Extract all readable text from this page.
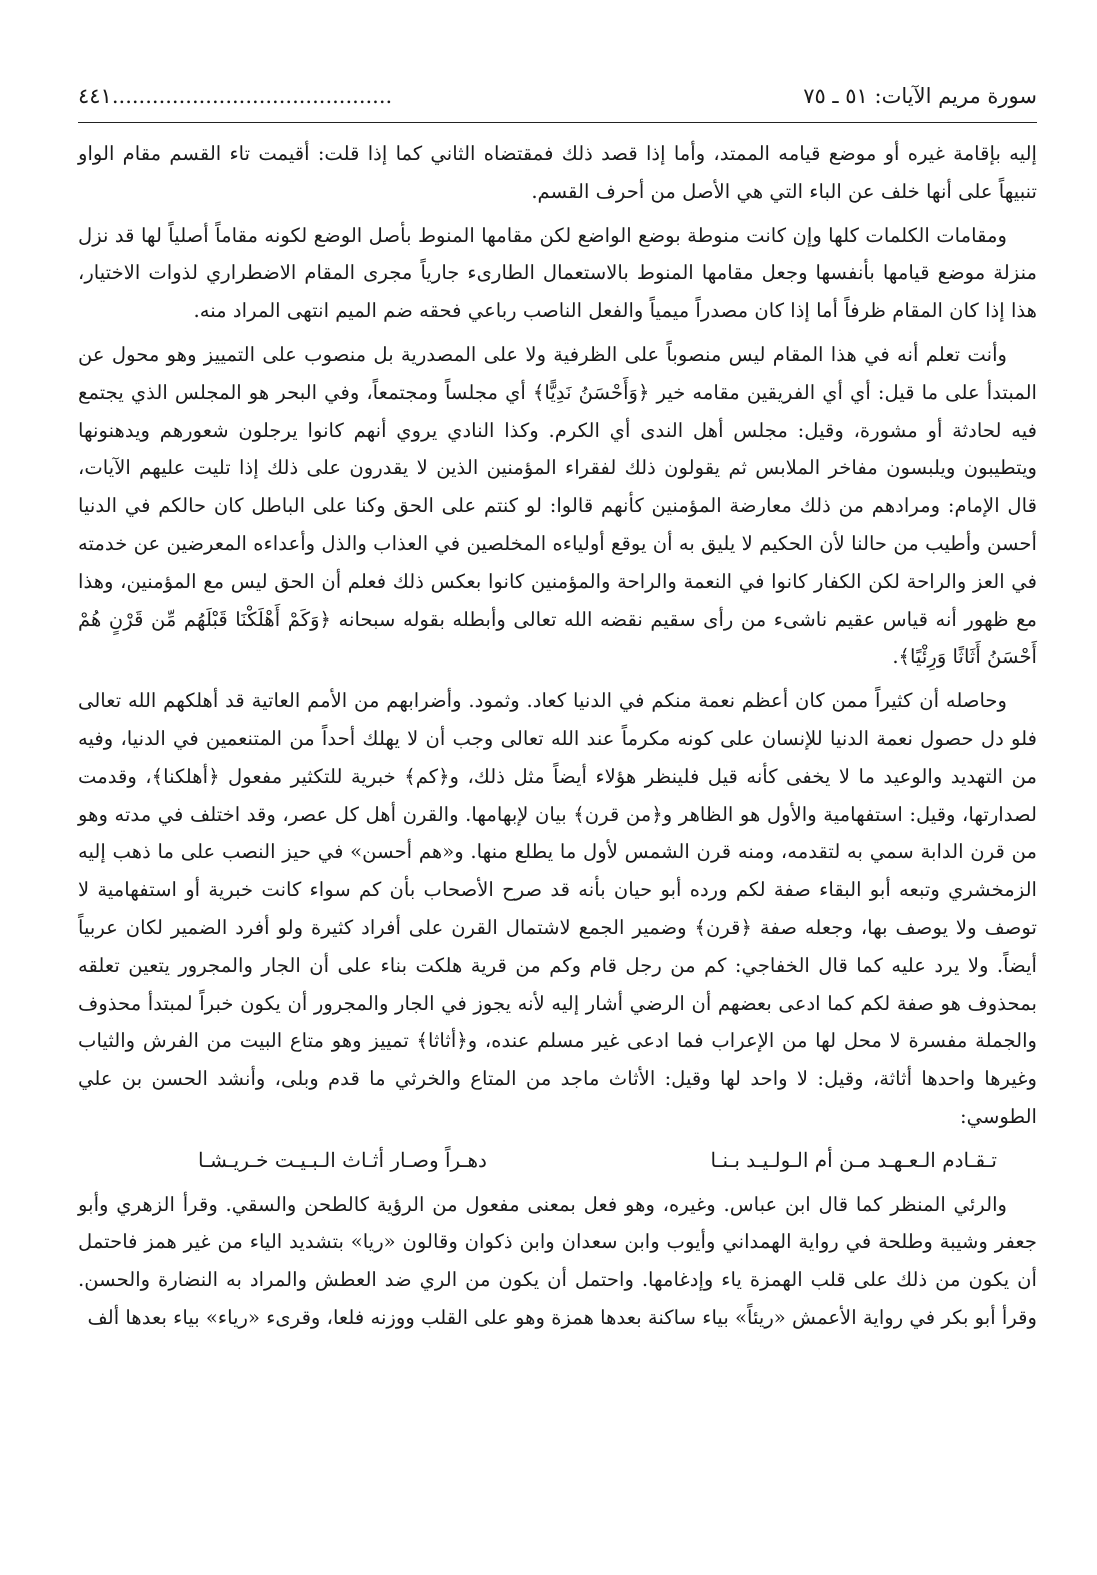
سورة مريم الآيات: ٥١ ـ ٧٥
..........................................٤٤١

إليه بإقامة غيره أو موضع قيامه الممتد، وأما إذا قصد ذلك فمقتضاه الثاني كما إذا قلت: أقيمت تاء القسم مقام الواو تنبيهاً على أنها خلف عن الباء التي هي الأصل من أحرف القسم.

ومقامات الكلمات كلها وإن كانت منوطة بوضع الواضع لكن مقامها المنوط بأصل الوضع لكونه مقاماً أصلياً لها قد نزل منزلة موضع قيامها بأنفسها وجعل مقامها المنوط بالاستعمال الطارىء جارياً مجرى المقام الاضطراري لذوات الاختيار، هذا إذا كان المقام ظرفاً أما إذا كان مصدراً ميمياً والفعل الناصب رباعي فحقه ضم الميم انتهى المراد منه.

وأنت تعلم أنه في هذا المقام ليس منصوباً على الظرفية ولا على المصدرية بل منصوب على التمييز وهو محول عن المبتدأ على ما قيل: أي أي الفريقين مقامه خير ﴿وَأَحْسَنُ نَدِيًّا﴾ أي مجلساً ومجتمعاً، وفي البحر هو المجلس الذي يجتمع فيه لحادثة أو مشورة، وقيل: مجلس أهل الندى أي الكرم. وكذا النادي يروي أنهم كانوا يرجلون شعورهم ويدهنونها ويتطيبون ويلبسون مفاخر الملابس ثم يقولون ذلك لفقراء المؤمنين الذين لا يقدرون على ذلك إذا تليت عليهم الآيات، قال الإمام: ومرادهم من ذلك معارضة المؤمنين كأنهم قالوا: لو كنتم على الحق وكنا على الباطل كان حالكم في الدنيا أحسن وأطيب من حالنا لأن الحكيم لا يليق به أن يوقع أولياءه المخلصين في العذاب والذل وأعداءه المعرضين عن خدمته في العز والراحة لكن الكفار كانوا في النعمة والراحة والمؤمنين كانوا بعكس ذلك فعلم أن الحق ليس مع المؤمنين، وهذا مع ظهور أنه قياس عقيم ناشىء من رأى سقيم نقضه الله تعالى وأبطله بقوله سبحانه ﴿وَكَمْ أَهْلَكْنَا قَبْلَهُم مِّن قَرْنٍ هُمْ أَحْسَنُ أَثَاثًا وَرِئْيًا﴾.

وحاصله أن كثيراً ممن كان أعظم نعمة منكم في الدنيا كعاد. وثمود. وأضرابهم من الأمم العاتية قد أهلكهم الله تعالى فلو دل حصول نعمة الدنيا للإنسان على كونه مكرماً عند الله تعالى وجب أن لا يهلك أحداً من المتنعمين في الدنيا، وفيه من التهديد والوعيد ما لا يخفى كأنه قيل فلينظر هؤلاء أيضاً مثل ذلك، و﴿كم﴾ خبرية للتكثير مفعول ﴿أهلكنا﴾، وقدمت لصدارتها، وقيل: استفهامية والأول هو الظاهر و﴿من قرن﴾ بيان لإبهامها. والقرن أهل كل عصر، وقد اختلف في مدته وهو من قرن الدابة سمي به لتقدمه، ومنه قرن الشمس لأول ما يطلع منها. و«هم أحسن» في حيز النصب على ما ذهب إليه الزمخشري وتبعه أبو البقاء صفة لكم ورده أبو حيان بأنه قد صرح الأصحاب بأن كم سواء كانت خبرية أو استفهامية لا توصف ولا يوصف بها، وجعله صفة ﴿قرن﴾ وضمير الجمع لاشتمال القرن على أفراد كثيرة ولو أفرد الضمير لكان عربياً أيضاً. ولا يرد عليه كما قال الخفاجي: كم من رجل قام وكم من قرية هلكت بناء على أن الجار والمجرور يتعين تعلقه بمحذوف هو صفة لكم كما ادعى بعضهم أن الرضي أشار إليه لأنه يجوز في الجار والمجرور أن يكون خبراً لمبتدأ محذوف والجملة مفسرة لا محل لها من الإعراب فما ادعى غير مسلم عنده، و﴿أثاثا﴾ تمييز وهو متاع البيت من الفرش والثياب وغيرها واحدها أثاثة، وقيل: لا واحد لها وقيل: الأثاث ماجد من المتاع والخرثي ما قدم وبلى، وأنشد الحسن بن علي الطوسي:

تـقـادم الـعـهـد مـن أم الـولـيـد بـنـا
دهـراً وصـار أثـاث الـبـيـت خـريـشـا

والرئي المنظر كما قال ابن عباس. وغيره، وهو فعل بمعنى مفعول من الرؤية كالطحن والسقي. وقرأ الزهري وأبو جعفر وشيبة وطلحة في رواية الهمداني وأيوب وابن سعدان وابن ذكوان وقالون «ريا» بتشديد الياء من غير همز فاحتمل أن يكون من ذلك على قلب الهمزة ياء وإدغامها. واحتمل أن يكون من الري ضد العطش والمراد به النضارة والحسن. وقرأ أبو بكر في رواية الأعمش «ريئاً» بياء ساكنة بعدها همزة وهو على القلب ووزنه فلعا، وقرىء «رياء» بياء بعدها ألف
